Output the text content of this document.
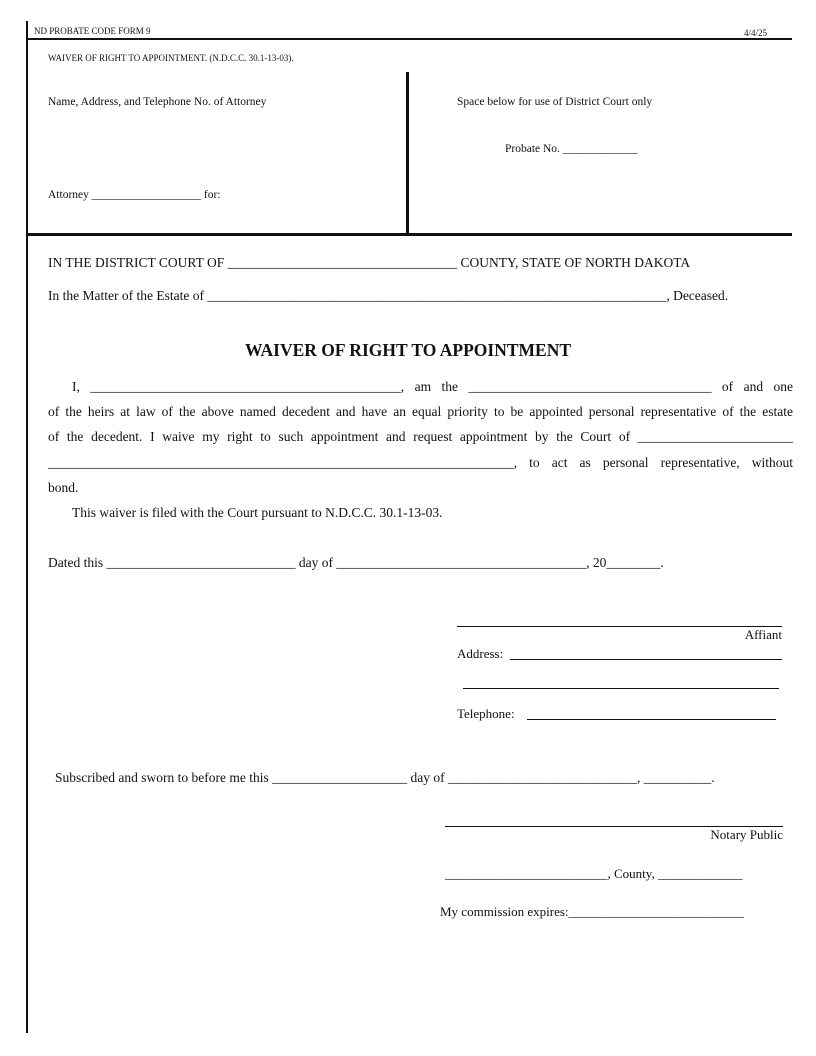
ND PROBATE CODE FORM 9	4/4/25
WAIVER OF RIGHT TO APPOINTMENT. (N.D.C.C. 30.1-13-03).
Name, Address, and Telephone No. of Attorney
Attorney ___________________ for:
Space below for use of District Court only
Probate No. _____________
IN THE DISTRICT COURT OF __________________________________ COUNTY, STATE OF NORTH DAKOTA
In the Matter of the Estate of ____________________________________________________________________, Deceased.
WAIVER OF RIGHT TO APPOINTMENT
I, ______________________________________________, am the ____________________________________ of and one
of the heirs at law of the above named decedent and have an equal priority to be appointed personal representative of the estate
of the decedent. I waive my right to such appointment and request appointment by the Court of _______________________
_____________________________________________________________________, to act as personal representative, without
bond.
This waiver is filed with the Court pursuant to N.D.C.C. 30.1-13-03.
Dated this ____________________________ day of _____________________________________, 20________.
Affiant
Address:
Telephone:
Subscribed and sworn to before me this ____________________ day of ____________________________, __________.
Notary Public
_________________________, County, _____________
My commission expires:___________________________
